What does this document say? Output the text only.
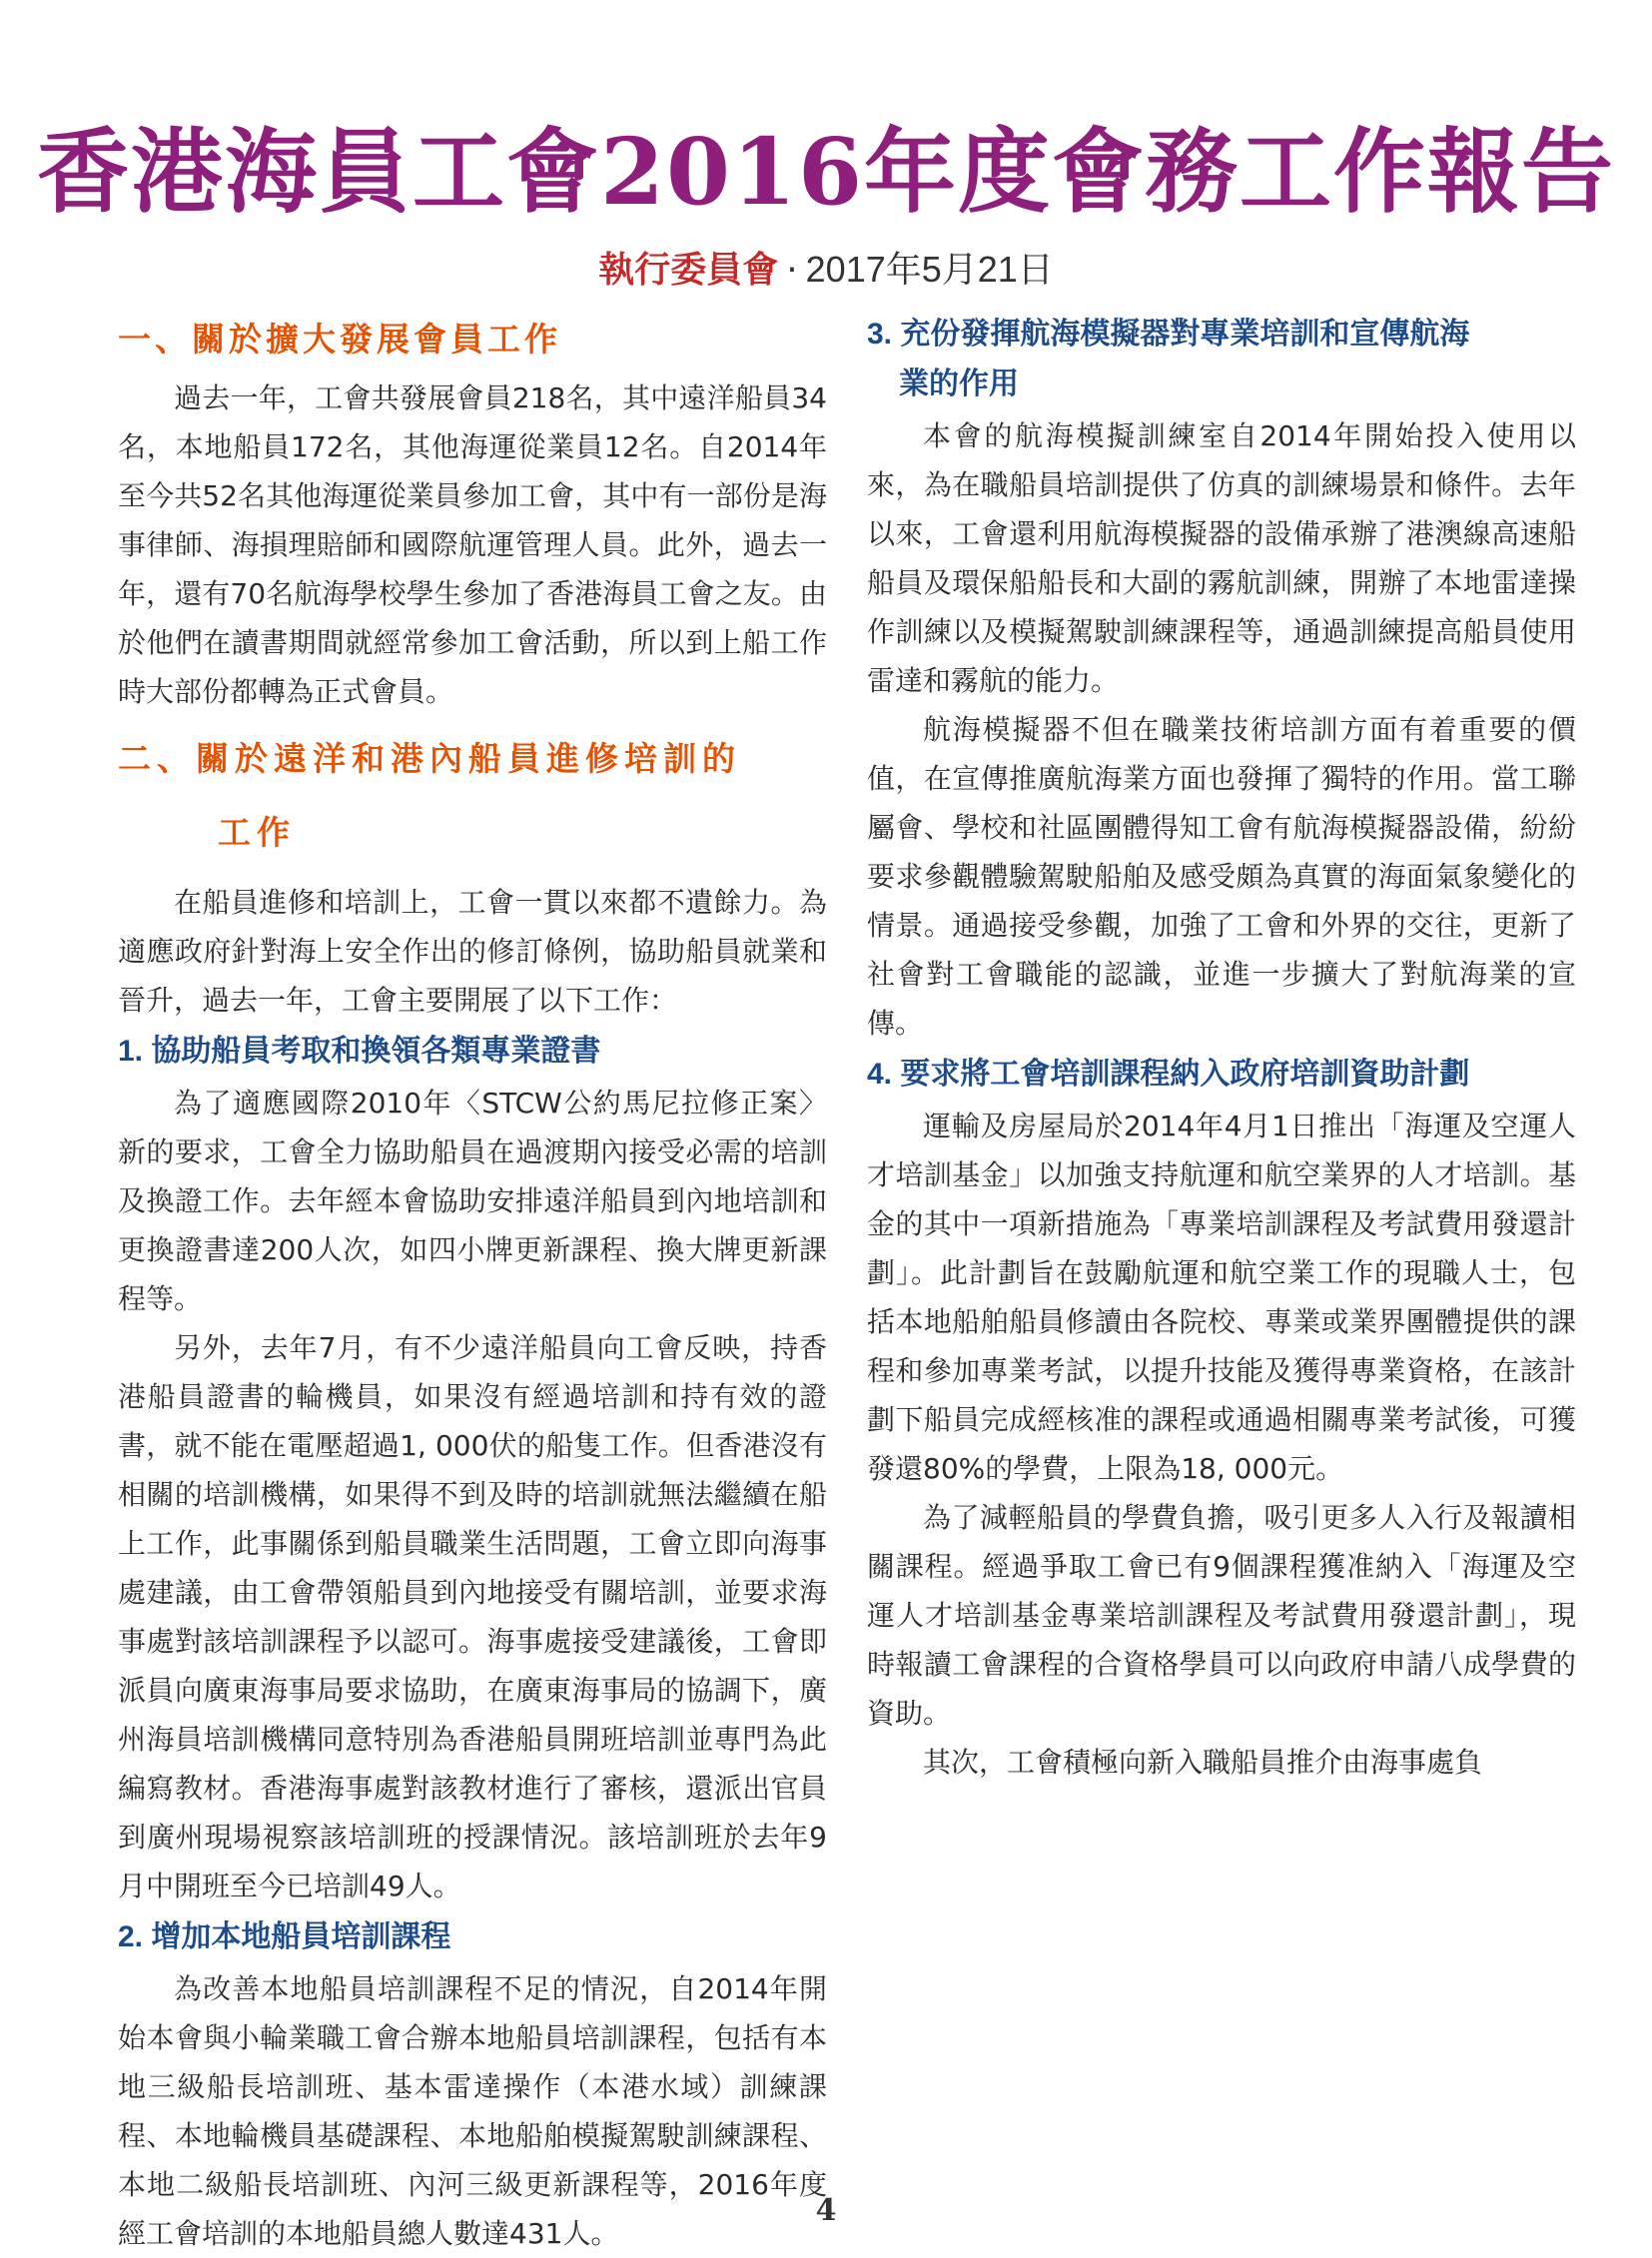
香港海員工會2016年度會務工作報告
執行委員會 · 2017年5月21日
一、關於擴大發展會員工作

過去一年，工會共發展會員218名，其中遠洋船員34名，本地船員172名，其他海運從業員12名。自2014年至今共52名其他海運從業員參加工會，其中有一部份是海事律師、海損理賠師和國際航運管理人員。此外，過去一年，還有70名航海學校學生參加了香港海員工會之友。由於他們在讀書期間就經常參加工會活動，所以到上船工作時大部份都轉為正式會員。

二、關於遠洋和港內船員進修培訓的
工作

在船員進修和培訓上，工會一貫以來都不遺餘力。為適應政府針對海上安全作出的修訂條例，協助船員就業和晉升，過去一年，工會主要開展了以下工作：

1. 協助船員考取和換領各類專業證書

為了適應國際2010年〈STCW公約馬尼拉修正案〉新的要求，工會全力協助船員在過渡期內接受必需的培訓及換證工作。去年經本會協助安排遠洋船員到內地培訓和更換證書達200人次，如四小牌更新課程、換大牌更新課程等。

另外，去年7月，有不少遠洋船員向工會反映，持香港船員證書的輪機員，如果沒有經過培訓和持有效的證書，就不能在電壓超過1, 000伏的船隻工作。但香港沒有相關的培訓機構，如果得不到及時的培訓就無法繼續在船上工作，此事關係到船員職業生活問題，工會立即向海事處建議，由工會帶領船員到內地接受有關培訓，並要求海事處對該培訓課程予以認可。海事處接受建議後，工會即派員向廣東海事局要求協助，在廣東海事局的協調下，廣州海員培訓機構同意特別為香港船員開班培訓並專門為此編寫教材。香港海事處對該教材進行了審核，還派出官員到廣州現場視察該培訓班的授課情況。該培訓班於去年9月中開班至今已培訓49人。

2. 增加本地船員培訓課程

為改善本地船員培訓課程不足的情況，自2014年開始本會與小輪業職工會合辦本地船員培訓課程，包括有本地三級船長培訓班、基本雷達操作（本港水域）訓練課程、本地輪機員基礎課程、本地船舶模擬駕駛訓練課程、本地二級船長培訓班、內河三級更新課程等，2016年度經工會培訓的本地船員總人數達431人。

3. 充份發揮航海模擬器對專業培訓和宣傳航海
業的作用

本會的航海模擬訓練室自2014年開始投入使用以來，為在職船員培訓提供了仿真的訓練場景和條件。去年以來，工會還利用航海模擬器的設備承辦了港澳線高速船船員及環保船船長和大副的霧航訓練，開辦了本地雷達操作訓練以及模擬駕駛訓練課程等，通過訓練提高船員使用雷達和霧航的能力。

航海模擬器不但在職業技術培訓方面有着重要的價值，在宣傳推廣航海業方面也發揮了獨特的作用。當工聯屬會、學校和社區團體得知工會有航海模擬器設備，紛紛要求參觀體驗駕駛船舶及感受頗為真實的海面氣象變化的情景。通過接受參觀，加強了工會和外界的交往，更新了社會對工會職能的認識，並進一步擴大了對航海業的宣傳。

4. 要求將工會培訓課程納入政府培訓資助計劃

運輸及房屋局於2014年4月1日推出「海運及空運人才培訓基金」以加強支持航運和航空業界的人才培訓。基金的其中一項新措施為「專業培訓課程及考試費用發還計劃」。此計劃旨在鼓勵航運和航空業工作的現職人士，包括本地船舶船員修讀由各院校、專業或業界團體提供的課程和參加專業考試，以提升技能及獲得專業資格，在該計劃下船員完成經核准的課程或通過相關專業考試後，可獲發還80%的學費，上限為18, 000元。

為了減輕船員的學費負擔，吸引更多人入行及報讀相關課程。經過爭取工會已有9個課程獲准納入「海運及空運人才培訓基金專業培訓課程及考試費用發還計劃」，現時報讀工會課程的合資格學員可以向政府申請八成學費的資助。

其次，工會積極向新入職船員推介由海事處負

4
